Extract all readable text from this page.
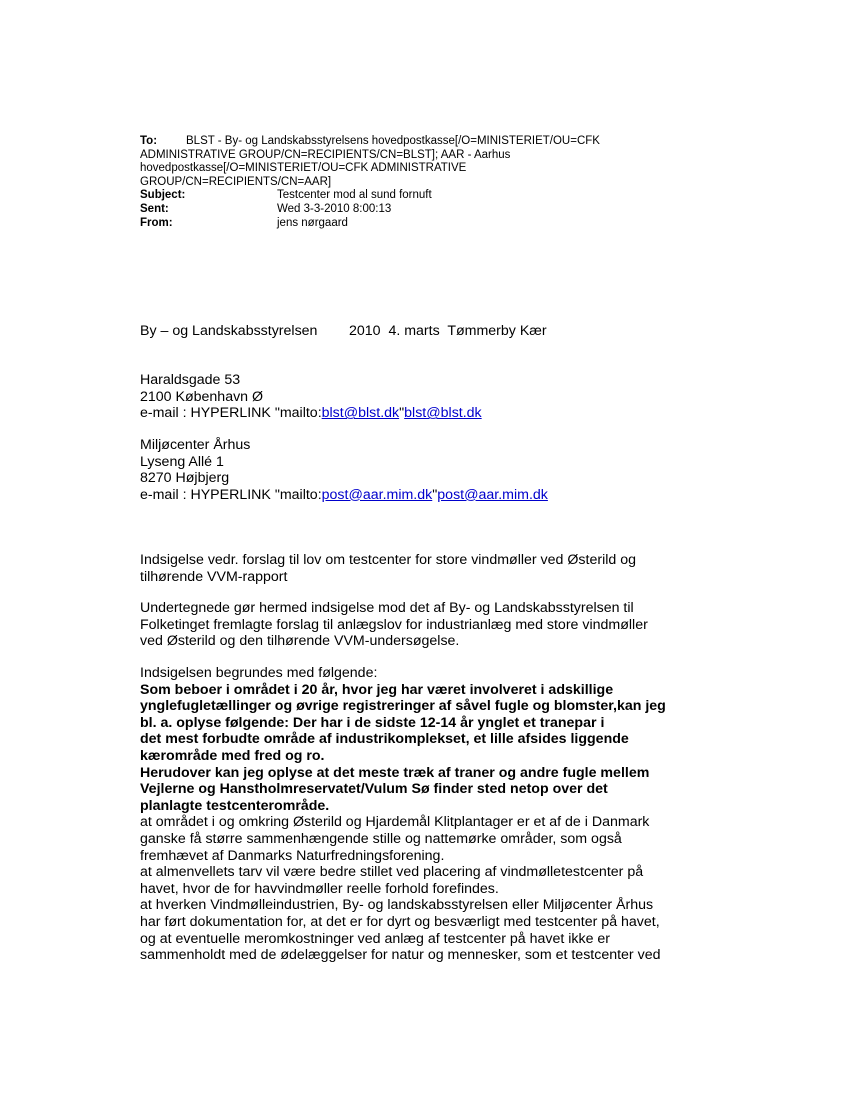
To:	BLST - By- og Landskabsstyrelsens hovedpostkasse[/O=MINISTERIET/OU=CFK
ADMINISTRATIVE GROUP/CN=RECIPIENTS/CN=BLST]; AAR - Aarhus
hovedpostkasse[/O=MINISTERIET/OU=CFK ADMINISTRATIVE
GROUP/CN=RECIPIENTS/CN=AAR]
Subject:	Testcenter mod al sund fornuft
Sent:	Wed 3-3-2010 8:00:13
From:	jens nørgaard
By – og Landskabsstyrelsen 2010  4. marts  Tømmerby Kær
Haraldsgade 53
2100 København Ø
e-mail : HYPERLINK "mailto:blst@blst.dk"blst@blst.dk
Miljøcenter Århus
Lyseng Allé 1
8270 Højbjerg
e-mail : HYPERLINK "mailto:post@aar.mim.dk"post@aar.mim.dk
Indsigelse vedr. forslag til lov om testcenter for store vindmøller ved Østerild og
tilhørende VVM-rapport
Undertegnede gør hermed indsigelse mod det af By- og Landskabsstyrelsen til
Folketinget fremlagte forslag til anlægslov for industrianlæg med store vindmøller
ved Østerild og den tilhørende VVM-undersøgelse.
Indsigelsen begrundes med følgende:
Som beboer i området i 20 år, hvor jeg har været involveret i adskillige
ynglefugletællinger og øvrige registreringer af såvel fugle og blomster,kan jeg
bl. a. oplyse følgende: Der har i de sidste 12-14 år ynglet et tranepar i
det mest forbudte område af industrikomplekset, et lille afsides liggende
kærområde med fred og ro.
Herudover kan jeg oplyse at det meste træk af traner og andre fugle mellem
Vejlerne og Hanstholmreservatet/Vulum Sø finder sted netop over det
planlagte testcenterområde.
at området i og omkring Østerild og Hjardemål Klitplantager er et af de i Danmark
ganske få større sammenhængende stille og nattemørke områder, som også
fremhævet af Danmarks Naturfredningsforening.
at almenvellets tarv vil være bedre stillet ved placering af vindmølletestcenter på
havet, hvor de for havvindmøller reelle forhold forefindes.
at hverken Vindmølleindustrien, By- og landskabsstyrelsen eller Miljøcenter Århus
har ført dokumentation for, at det er for dyrt og besværligt med testcenter på havet,
og at eventuelle meromkostninger ved anlæg af testcenter på havet ikke er
sammenholdt med de ødelæggelser for natur og mennesker, som et testcenter ved
